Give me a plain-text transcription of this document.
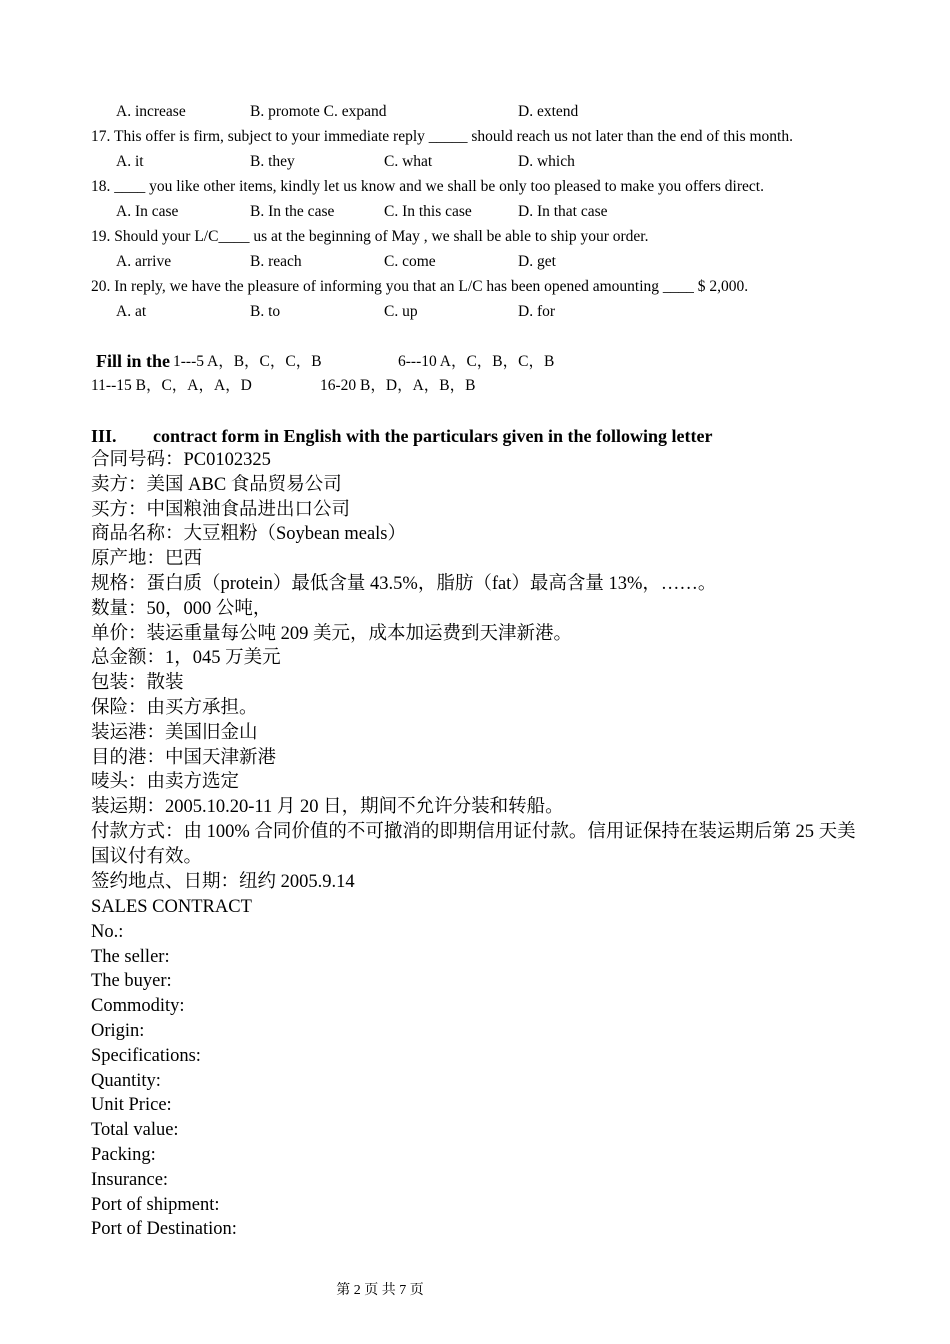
A. increase	B. promote C. expand	D. extend
17. This offer is firm, subject to your immediate reply _____ should reach us not later than the end of this month.
A. it	B. they	C. what	D. which
18. ____ you like other items, kindly let us know and we shall be only too pleased to make you offers direct.
A. In case	B. In the case	C. In this case	D. In that case
19. Should your L/C____ us at the beginning of May , we shall be able to ship your order.
A. arrive	B. reach	C. come	D. get
20. In reply, we have the pleasure of informing you that an L/C has been opened amounting ____ $ 2,000.
A. at	B. to	C. up	D. for
Fill in the 1---5 A，B，C，C，B	6---10 A，C，B，C，B
11--15 B，C，A，A，D	16-20 B，D，A，B，B
III. contract form in English with the particulars given in the following letter
合同号码：PC0102325
卖方：美国 ABC 食品贸易公司
买方：中国粮油食品进出口公司
商品名称：大豆粗粉（Soybean meals）
原产地：巴西
规格：蛋白质（protein）最低含量 43.5%，脂肪（fat）最高含量 13%，……。
数量：50，000 公吨，
单价：装运重量每公吨 209 美元，成本加运费到天津新港。
总金额：1，045 万美元
包装：散装
保险：由买方承担。
装运港：美国旧金山
目的港：中国天津新港
唛头：由卖方选定
装运期：2005.10.20-11 月 20 日，期间不允许分装和转船。
付款方式：由 100% 合同价值的不可撤消的即期信用证付款。信用证保持在装运期后第 25 天美国议付有效。
签约地点、日期：纽约 2005.9.14
SALES CONTRACT
No.:
The seller:
The buyer:
Commodity:
Origin:
Specifications:
Quantity:
Unit Price:
Total value:
Packing:
Insurance:
Port of shipment:
Port of Destination:
第 2 页 共 7 页
